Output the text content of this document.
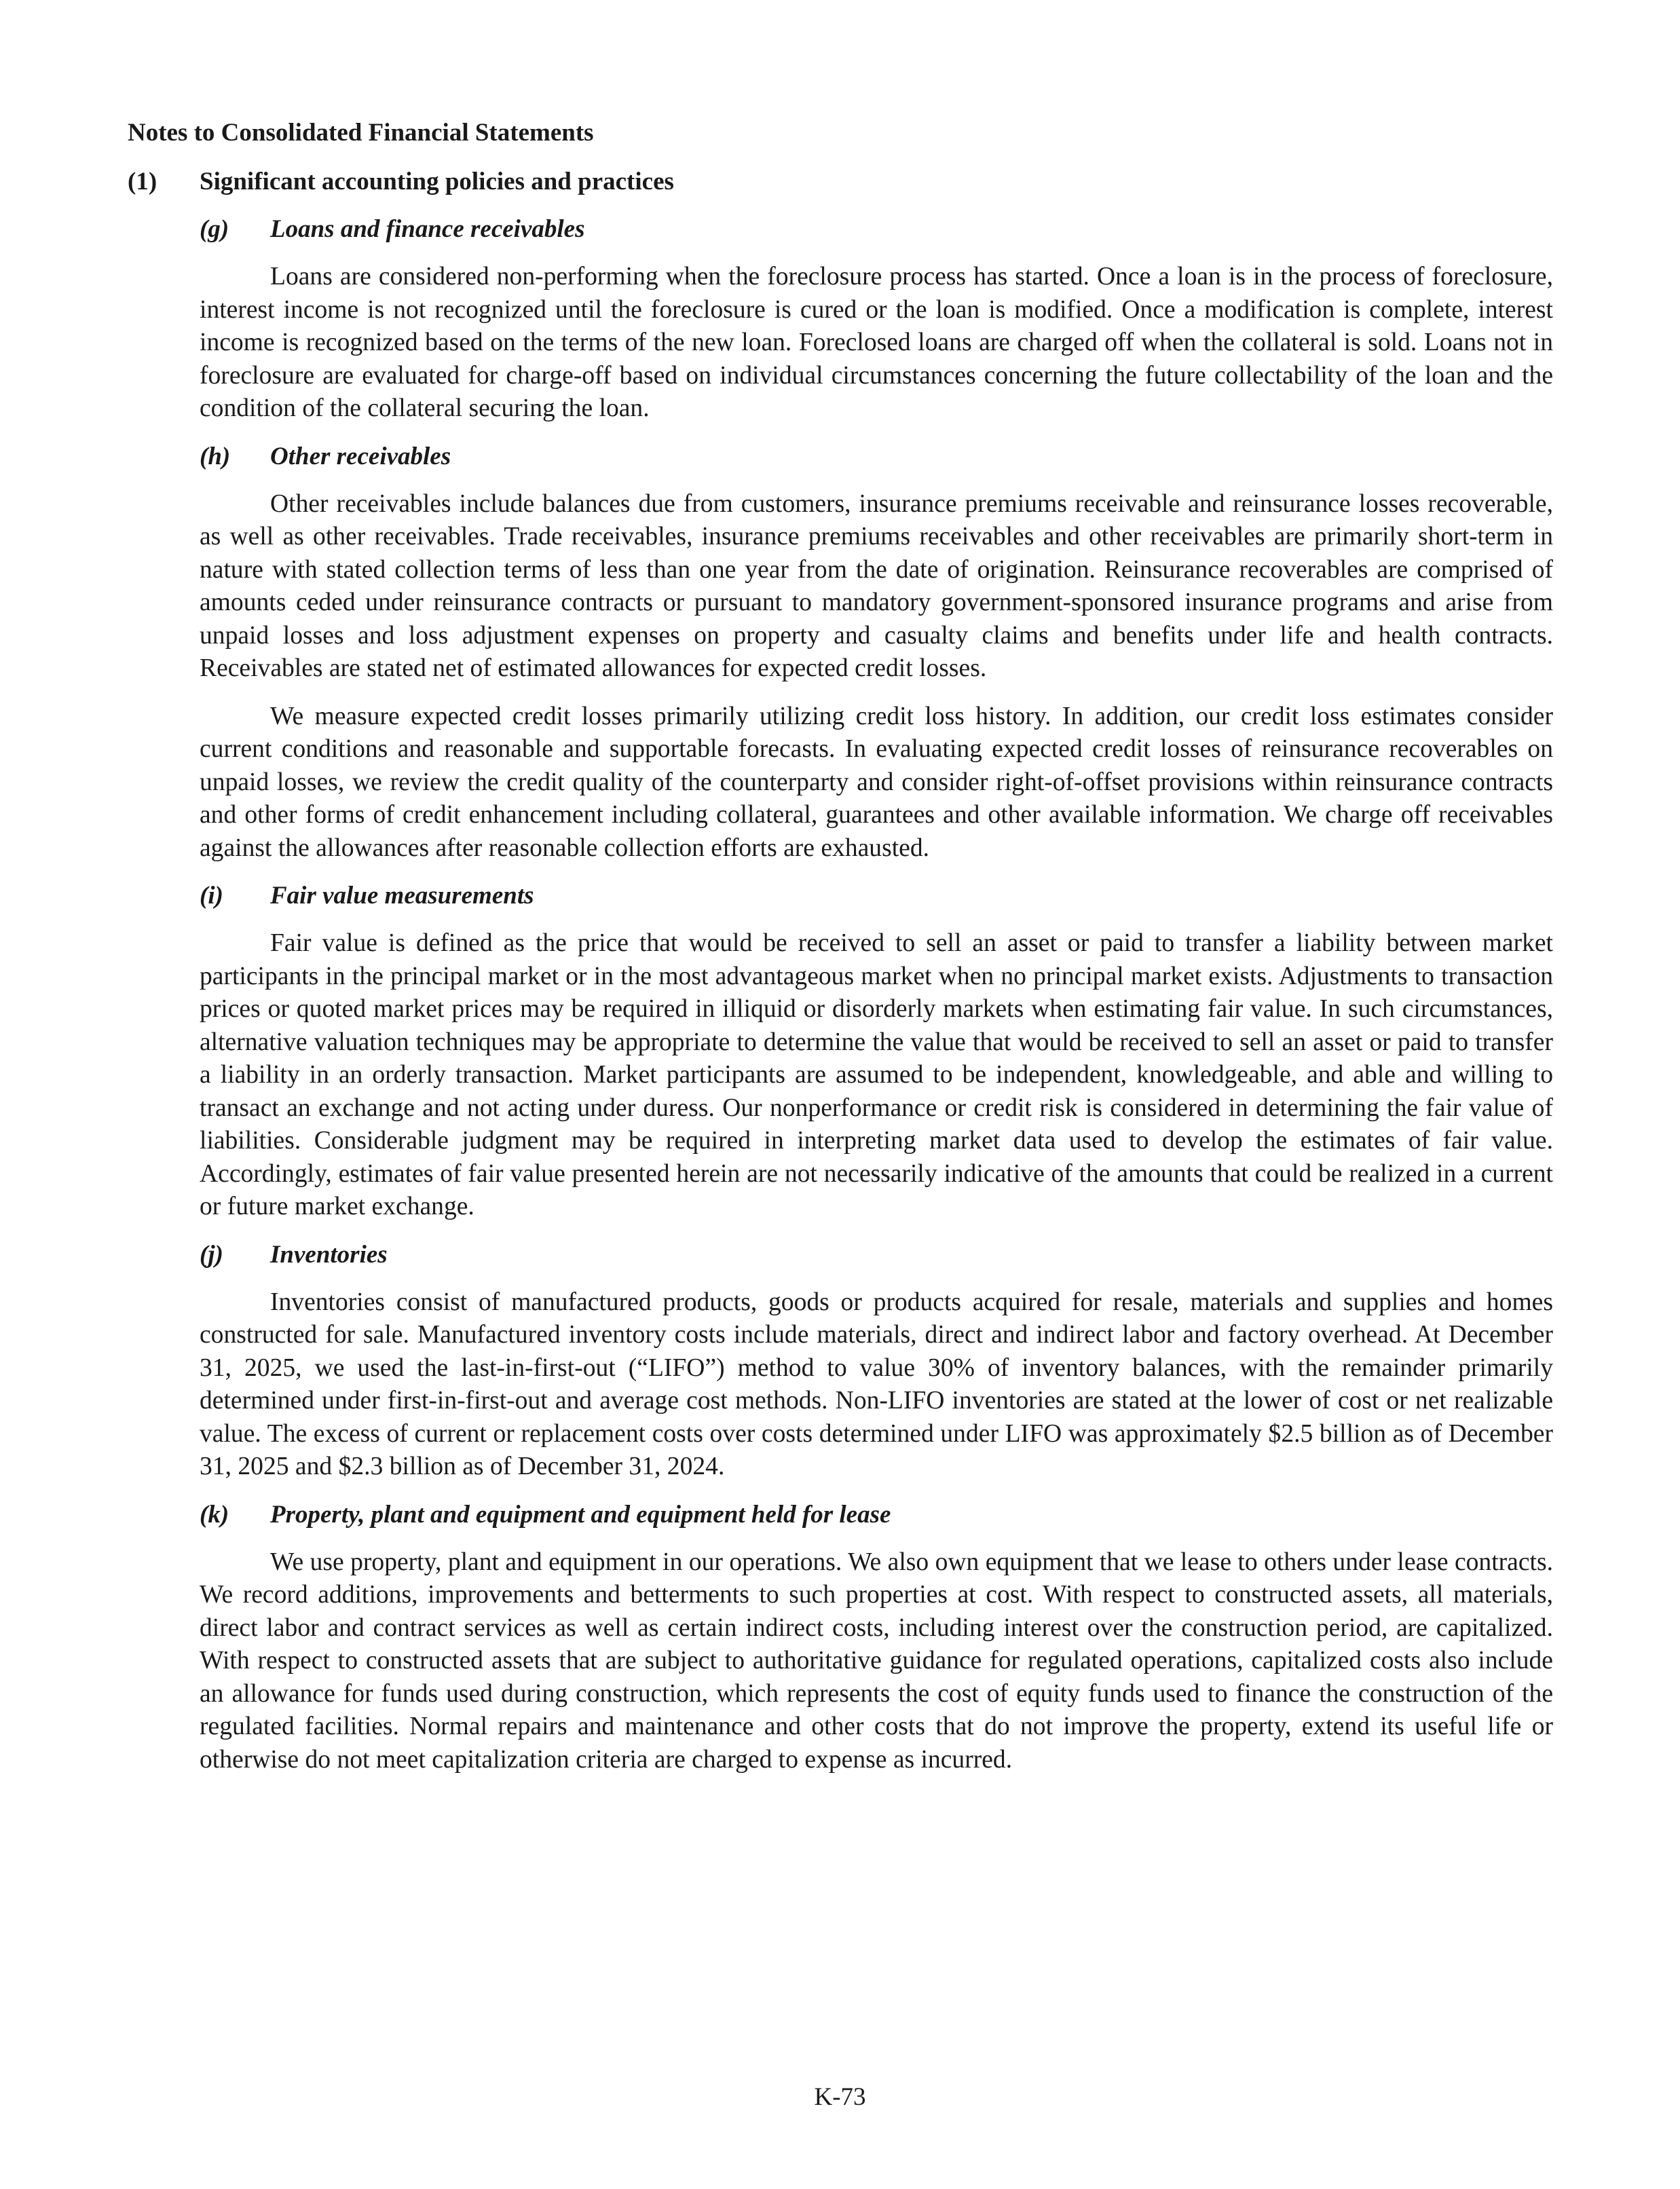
Notes to Consolidated Financial Statements
(1) Significant accounting policies and practices
(g) Loans and finance receivables

Loans are considered non-performing when the foreclosure process has started. Once a loan is in the process of foreclosure, interest income is not recognized until the foreclosure is cured or the loan is modified. Once a modification is complete, interest income is recognized based on the terms of the new loan. Foreclosed loans are charged off when the collateral is sold. Loans not in foreclosure are evaluated for charge-off based on individual circumstances concerning the future collectability of the loan and the condition of the collateral securing the loan.

(h) Other receivables

Other receivables include balances due from customers, insurance premiums receivable and reinsurance losses recoverable, as well as other receivables. Trade receivables, insurance premiums receivables and other receivables are primarily short-term in nature with stated collection terms of less than one year from the date of origination. Reinsurance recoverables are comprised of amounts ceded under reinsurance contracts or pursuant to mandatory government-sponsored insurance programs and arise from unpaid losses and loss adjustment expenses on property and casualty claims and benefits under life and health contracts. Receivables are stated net of estimated allowances for expected credit losses.

We measure expected credit losses primarily utilizing credit loss history. In addition, our credit loss estimates consider current conditions and reasonable and supportable forecasts. In evaluating expected credit losses of reinsurance recoverables on unpaid losses, we review the credit quality of the counterparty and consider right-of-offset provisions within reinsurance contracts and other forms of credit enhancement including collateral, guarantees and other available information. We charge off receivables against the allowances after reasonable collection efforts are exhausted.

(i) Fair value measurements

Fair value is defined as the price that would be received to sell an asset or paid to transfer a liability between market participants in the principal market or in the most advantageous market when no principal market exists. Adjustments to transaction prices or quoted market prices may be required in illiquid or disorderly markets when estimating fair value. In such circumstances, alternative valuation techniques may be appropriate to determine the value that would be received to sell an asset or paid to transfer a liability in an orderly transaction. Market participants are assumed to be independent, knowledgeable, and able and willing to transact an exchange and not acting under duress. Our nonperformance or credit risk is considered in determining the fair value of liabilities. Considerable judgment may be required in interpreting market data used to develop the estimates of fair value. Accordingly, estimates of fair value presented herein are not necessarily indicative of the amounts that could be realized in a current or future market exchange.

(j) Inventories

Inventories consist of manufactured products, goods or products acquired for resale, materials and supplies and homes constructed for sale. Manufactured inventory costs include materials, direct and indirect labor and factory overhead. At December 31, 2025, we used the last-in-first-out (“LIFO”) method to value 30% of inventory balances, with the remainder primarily determined under first-in-first-out and average cost methods. Non-LIFO inventories are stated at the lower of cost or net realizable value. The excess of current or replacement costs over costs determined under LIFO was approximately $2.5 billion as of December 31, 2025 and $2.3 billion as of December 31, 2024.

(k) Property, plant and equipment and equipment held for lease

We use property, plant and equipment in our operations. We also own equipment that we lease to others under lease contracts. We record additions, improvements and betterments to such properties at cost. With respect to constructed assets, all materials, direct labor and contract services as well as certain indirect costs, including interest over the construction period, are capitalized. With respect to constructed assets that are subject to authoritative guidance for regulated operations, capitalized costs also include an allowance for funds used during construction, which represents the cost of equity funds used to finance the construction of the regulated facilities. Normal repairs and maintenance and other costs that do not improve the property, extend its useful life or otherwise do not meet capitalization criteria are charged to expense as incurred.

K-73
